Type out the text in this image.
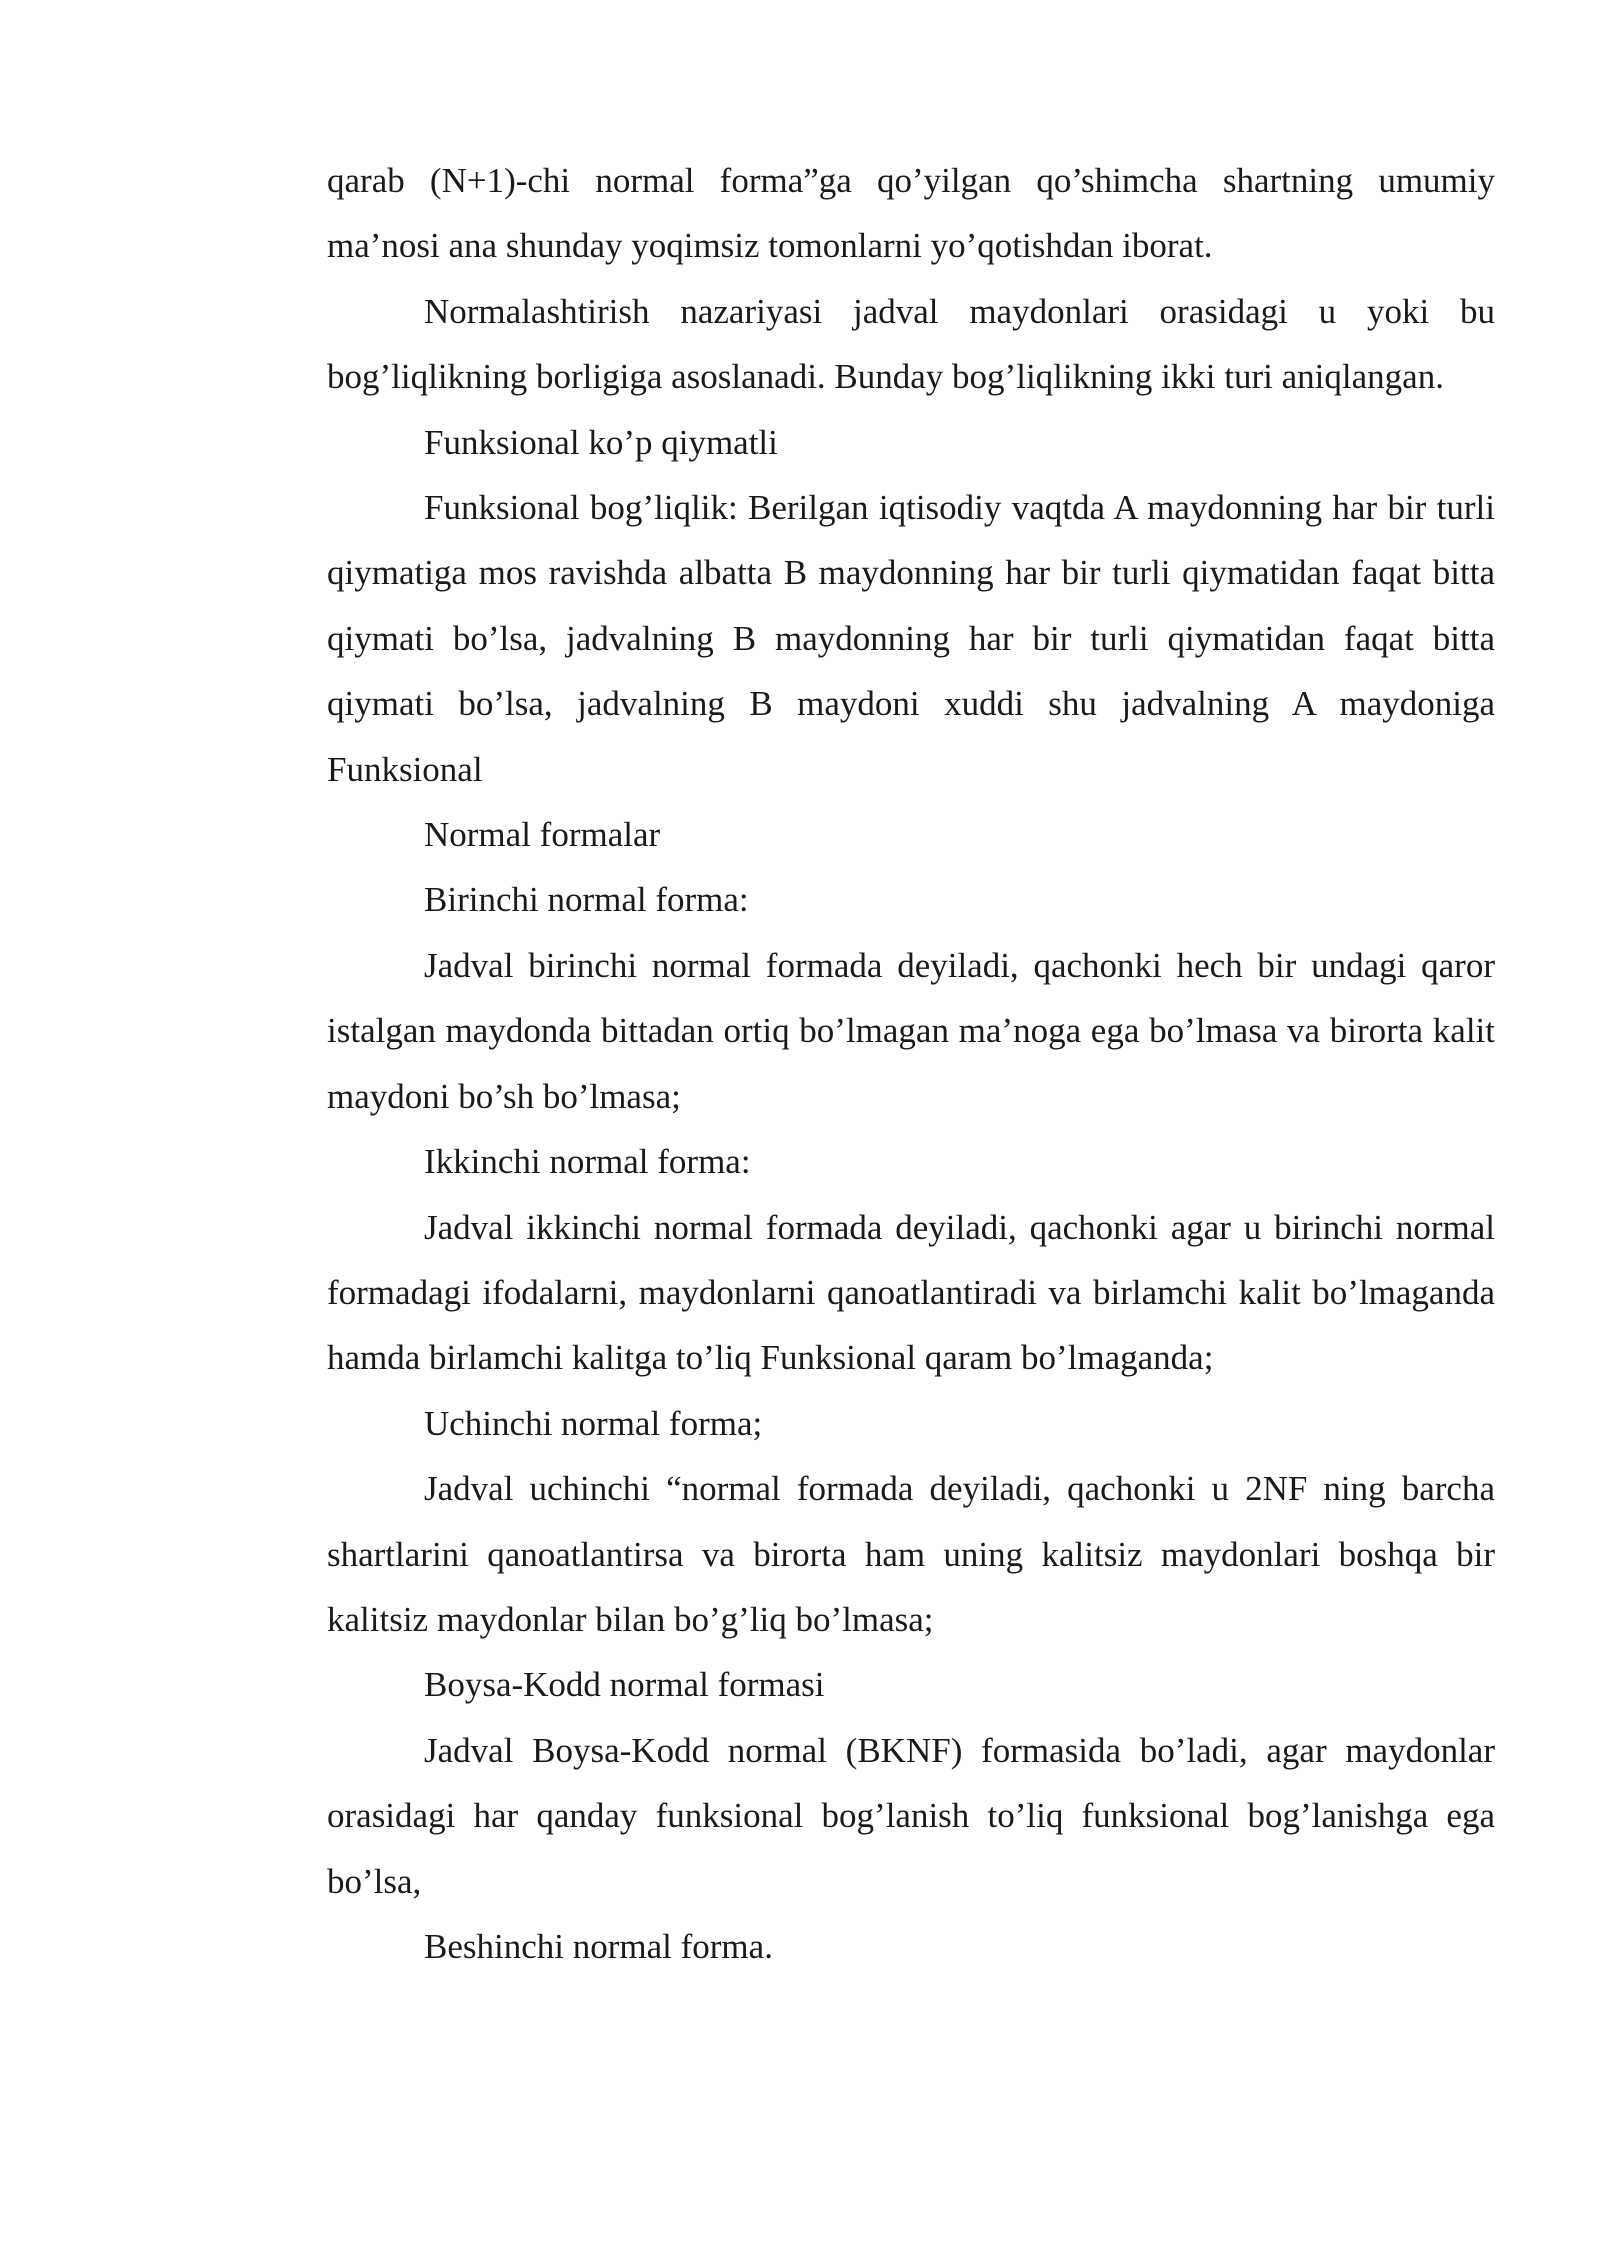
qarab (N+1)-chi normal forma”ga qo’yilgan qo’shimcha shartning umumiy ma’nosi ana shunday yoqimsiz tomonlarni yo’qotishdan iborat.

Normalashtirish nazariyasi jadval maydonlari orasidagi u yoki bu bog’liqlikning borligiga asoslanadi. Bunday bog’liqlikning ikki turi aniqlangan.

Funksional ko’p qiymatli

Funksional bog’liqlik: Berilgan iqtisodiy vaqtda A maydonning har bir turli qiymatiga mos ravishda albatta B maydonning har bir turli qiymatidan faqat bitta qiymati bo’lsa, jadvalning B maydonning har bir turli qiymatidan faqat bitta qiymati bo’lsa, jadvalning B maydoni xuddi shu jadvalning A maydoniga Funksional

Normal formalar

Birinchi normal forma:

Jadval birinchi normal formada deyiladi, qachonki hech bir undagi qaror istalgan maydonda bittadan ortiq bo’lmagan ma’noga ega bo’lmasa va birorta kalit maydoni bo’sh bo’lmasa;

Ikkinchi normal forma:

Jadval ikkinchi normal formada deyiladi, qachonki agar u birinchi normal formadagi ifodalarni, maydonlarni qanoatlantiradi va birlamchi kalit bo’lmaganda hamda birlamchi kalitga to’liq Funksional qaram bo’lmaganda;

Uchinchi normal forma;

Jadval uchinchi “normal formada deyiladi, qachonki u 2NF ning barcha shartlarini qanoatlantirsa va birorta ham uning kalitsiz maydonlari boshqa bir kalitsiz maydonlar bilan bo’g’liq bo’lmasa;

Boysa-Kodd normal formasi

Jadval Boysa-Kodd normal (BKNF) formasida bo’ladi, agar maydonlar orasidagi har qanday funksional bog’lanish to’liq funksional bog’lanishga ega bo’lsa,

Beshinchi normal forma.
